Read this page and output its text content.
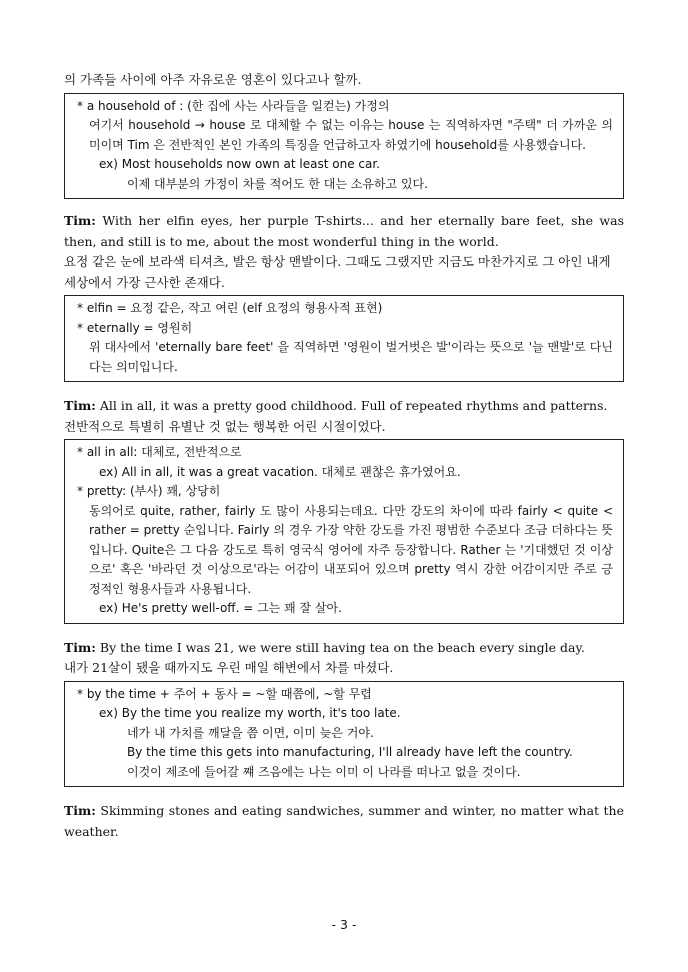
의 가족들 사이에 아주 자유로운 영혼이 있다고나 할까.

* a household of : (한 집에 사는 사라들을 일컫는) 가정의
여기서 household → house 로 대체할 수 없는 이유는 house 는 직역하자면 "주택" 더 가까운 의미이며 Tim 은 전반적인 본인 가족의 특징을 언급하고자 하였기에 household를 사용했습니다.
ex) Most households now own at least one car.
이제 대부분의 가정이 차를 적어도 한 대는 소유하고 있다.

Tim: With her elfin eyes, her purple T-shirts... and her eternally bare feet, she was then, and still is to me, about the most wonderful thing in the world.

요정 같은 눈에 보라색 티셔츠, 발은 항상 맨발이다. 그때도 그랬지만 지금도 마찬가지로 그 아인 내게 세상에서 가장 근사한 존재다.

* elfin = 요정 같은, 작고 여린 (elf 요정의 형용사적 표현)
* eternally = 영원히
위 대사에서 'eternally bare feet' 을 직역하면 '영원이 벌거벗은 발'이라는 뜻으로 '늘 맨발'로 다닌다는 의미입니다.

Tim: All in all, it was a pretty good childhood. Full of repeated rhythms and patterns.

전반적으로 특별히 유별난 것 없는 행복한 어린 시절이었다.

* all in all: 대체로, 전반적으로
ex) All in all, it was a great vacation. 대체로 괜찮은 휴가였어요.
* pretty: (부사) 꽤, 상당히
동의어로 quite, rather, fairly 도 많이 사용되는데요. 다만 강도의 차이에 따라 fairly < quite < rather = pretty 순입니다. Fairly 의 경우 가장 약한 강도를 가진 평범한 수준보다 조금 더하다는 뜻입니다. Quite은 그 다음 강도로 특히 영국식 영어에 자주 등장합니다. Rather 는 '기대했던 것 이상으로' 혹은 '바라던 것 이상으로'라는 어감이 내포되어 있으며 pretty 역시 강한 어감이지만 주로 긍정적인 형용사들과 사용됩니다.
ex) He's pretty well-off. = 그는 꽤 잘 살아.

Tim: By the time I was 21, we were still having tea on the beach every single day.

내가 21살이 됐을 때까지도 우린 매일 해변에서 차를 마셨다.

* by the time + 주어 + 동사 = ~할 때쯤에, ~할 무렵
ex) By the time you realize my worth, it's too late.
네가 내 가치를 깨달을 쯤 이면, 이미 늦은 거야.
By the time this gets into manufacturing, I'll already have left the country.
이것이 제조에 들어갈 쨰 즈음에는 나는 이미 이 나라를 떠나고 없을 것이다.

Tim: Skimming stones and eating sandwiches, summer and winter, no matter what the weather.

- 3 -
